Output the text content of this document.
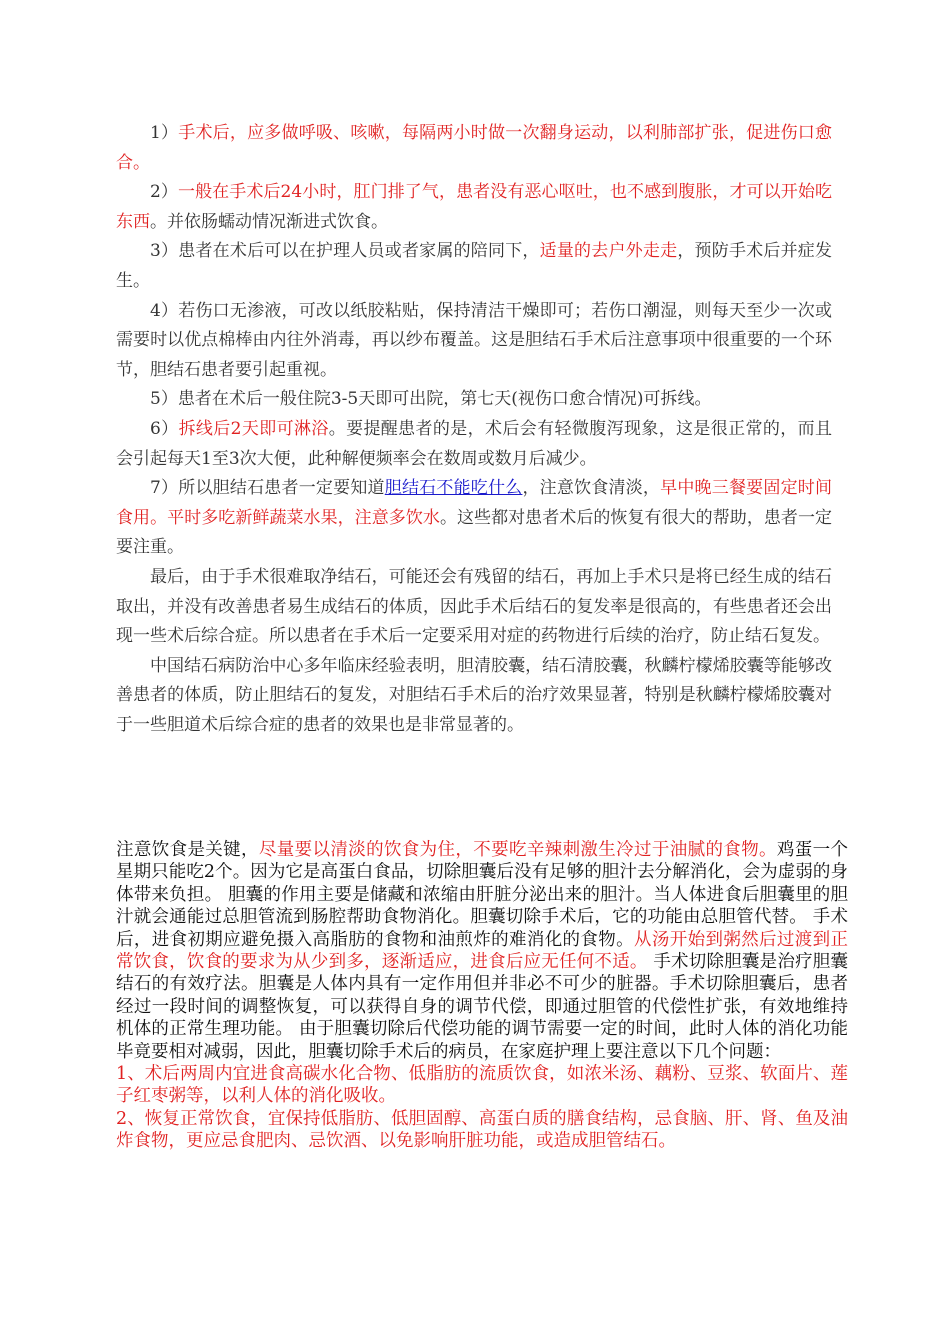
1）手术后，应多做呼吸、咳嗽，每隔两小时做一次翻身运动，以利肺部扩张，促进伤口愈合。

2）一般在手术后24小时，肛门排了气，患者没有恶心呕吐，也不感到腹胀，才可以开始吃东西。并依肠蠕动情况渐进式饮食。

3）患者在术后可以在护理人员或者家属的陪同下，适量的去户外走走，预防手术后并症发生。

4）若伤口无渗液，可改以纸胶粘贴，保持清洁干燥即可；若伤口潮湿，则每天至少一次或需要时以优点棉棒由内往外消毒，再以纱布覆盖。这是胆结石手术后注意事项中很重要的一个环节，胆结石患者要引起重视。

5）患者在术后一般住院3-5天即可出院，第七天(视伤口愈合情况)可拆线。

6）拆线后2天即可淋浴。要提醒患者的是，术后会有轻微腹泻现象，这是很正常的，而且会引起每天1至3次大便，此种解便频率会在数周或数月后减少。

7）所以胆结石患者一定要知道胆结石不能吃什么，注意饮食清淡，早中晚三餐要固定时间食用。平时多吃新鲜蔬菜水果，注意多饮水。这些都对患者术后的恢复有很大的帮助，患者一定要注重。

最后，由于手术很难取净结石，可能还会有残留的结石，再加上手术只是将已经生成的结石取出，并没有改善患者易生成结石的体质，因此手术后结石的复发率是很高的，有些患者还会出现一些术后综合症。所以患者在手术后一定要采用对症的药物进行后续的治疗，防止结石复发。

中国结石病防治中心多年临床经验表明，胆清胶囊，结石清胶囊，秋麟柠檬烯胶囊等能够改善患者的体质，防止胆结石的复发，对胆结石手术后的治疗效果显著，特别是秋麟柠檬烯胶囊对于一些胆道术后综合症的患者的效果也是非常显著的。

注意饮食是关键，尽量要以清淡的饮食为住，不要吃辛辣刺激生冷过于油腻的食物。鸡蛋一个星期只能吃2个。因为它是高蛋白食品，切除胆囊后没有足够的胆汁去分解消化，会为虚弱的身体带来负担。 胆囊的作用主要是储藏和浓缩由肝脏分泌出来的胆汁。当人体进食后胆囊里的胆汁就会通能过总胆管流到肠腔帮助食物消化。胆囊切除手术后，它的功能由总胆管代替。 手术后，进食初期应避免摄入高脂肪的食物和油煎炸的难消化的食物。从汤开始到粥然后过渡到正常饮食，饮食的要求为从少到多，逐渐适应，进食后应无任何不适。 手术切除胆囊是治疗胆囊结石的有效疗法。胆囊是人体内具有一定作用但并非必不可少的脏器。手术切除胆囊后，患者经过一段时间的调整恢复，可以获得自身的调节代偿，即通过胆管的代偿性扩张，有效地维持机体的正常生理功能。 由于胆囊切除后代偿功能的调节需要一定的时间，此时人体的消化功能毕竟要相对减弱，因此，胆囊切除手术后的病员，在家庭护理上要注意以下几个问题：

1、术后两周内宜进食高碳水化合物、低脂肪的流质饮食，如浓米汤、藕粉、豆浆、软面片、莲子红枣粥等，以利人体的消化吸收。

2、恢复正常饮食，宜保持低脂肪、低胆固醇、高蛋白质的膳食结构，忌食脑、肝、肾、鱼及油炸食物，更应忌食肥肉、忌饮酒、以免影响肝脏功能，或造成胆管结石。
